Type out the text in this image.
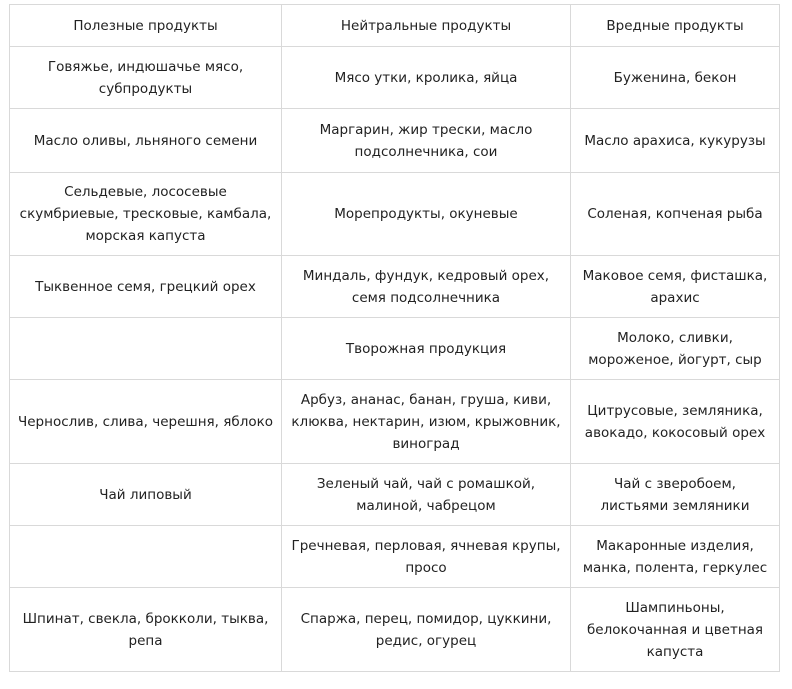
Полезные продукты	Нейтральные продукты	Вредные продукты
Говяжье, индюшачье мясо, субпродукты	Мясо утки, кролика, яйца	Буженина, бекон
Масло оливы, льняного семени	Маргарин, жир трески, масло подсолнечника, сои	Масло арахиса, кукурузы
Сельдевые, лососевые скумбриевые, тресковые, камбала, морская капуста	Морепродукты, окуневые	Соленая, копченая рыба
Тыквенное семя, грецкий орех	Миндаль, фундук, кедровый орех, семя подсолнечника	Маковое семя, фисташка, арахис
	Творожная продукция	Молоко, сливки, мороженое, йогурт, сыр
Чернослив, слива, черешня, яблоко	Арбуз, ананас, банан, груша, киви, клюква, нектарин, изюм, крыжовник, виноград	Цитрусовые, земляника, авокадо, кокосовый орех
Чай липовый	Зеленый чай, чай с ромашкой, малиной, чабрецом	Чай с зверобоем, листьями земляники
	Гречневая, перловая, ячневая крупы, просо	Макаронные изделия, манка, полента, геркулес
Шпинат, свекла, брокколи, тыква, репа	Спаржа, перец, помидор, цуккини, редис, огурец	Шампиньоны, белокочанная и цветная капуста
